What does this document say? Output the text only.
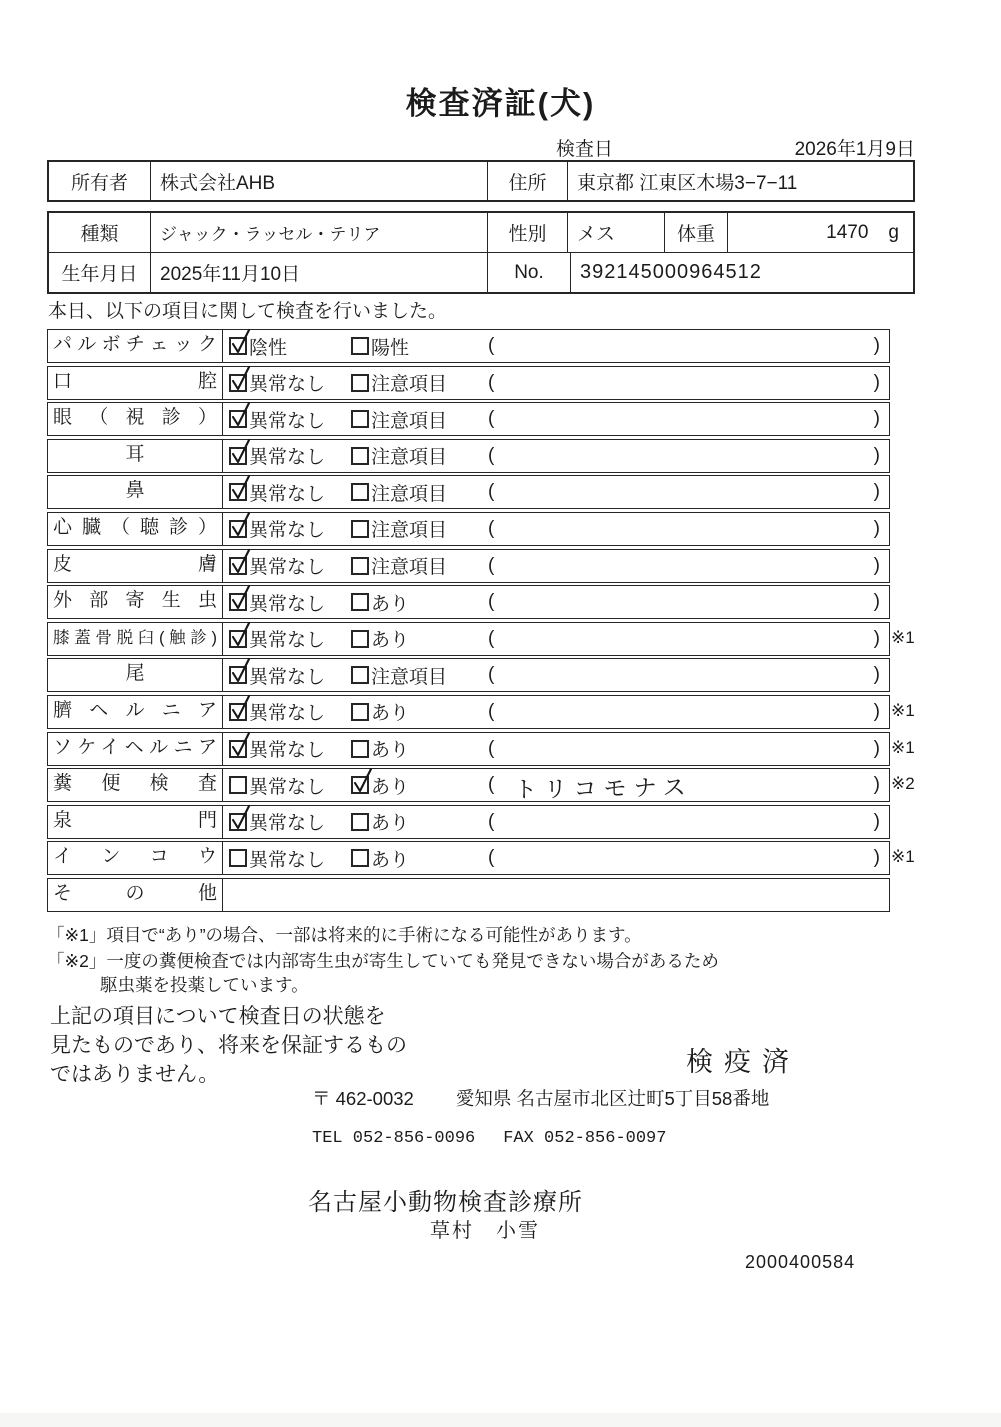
検査済証(犬)
検査日	2026年1月9日
所有者	株式会社AHB	住所	東京都 江東区木場3−7−11
種類	ジャック・ラッセル・テリア	性別	メス	体重	1470 g
生年月日	2025年11月10日	No.	392145000964512
本日、以下の項目に関して検査を行いました。
パルボチェック	陰性	陽性	(	)
口腔	異常なし 注意項目 (	)
眼（視診）	異常なし 注意項目 (	)
耳	異常なし 注意項目 (	)
鼻	異常なし 注意項目 (	)
心臓（聴診）	異常なし 注意項目 (	)
皮膚	異常なし 注意項目 (	)
外部寄生虫	異常なし あり	(	)
膝蓋骨脱臼(触診)	異常なし あり	(	) ※1
尾	異常なし 注意項目 (	)
臍ヘルニア	異常なし あり	(	) ※1
ソケイヘルニア	異常なし あり	(	) ※1
糞便検査	異常なし あり	( トリコモナス	) ※2
泉門	異常なし あり	(	)
インコウ	異常なし あり	(	) ※1
その他
「※1」項目で“あり”の場合、一部は将来的に手術になる可能性があります。
「※2」一度の糞便検査では内部寄生虫が寄生していても発見できない場合があるため
駆虫薬を投薬しています。
上記の項目について検査日の状態を
見たものであり、将来を保証するもの
ではありません。	検疫済
〒 462-0032 愛知県 名古屋市北区辻町5丁目58番地
TEL 052-856-0096 FAX 052-856-0097
名古屋小動物検査診療所
草村　小雪
2000400584
